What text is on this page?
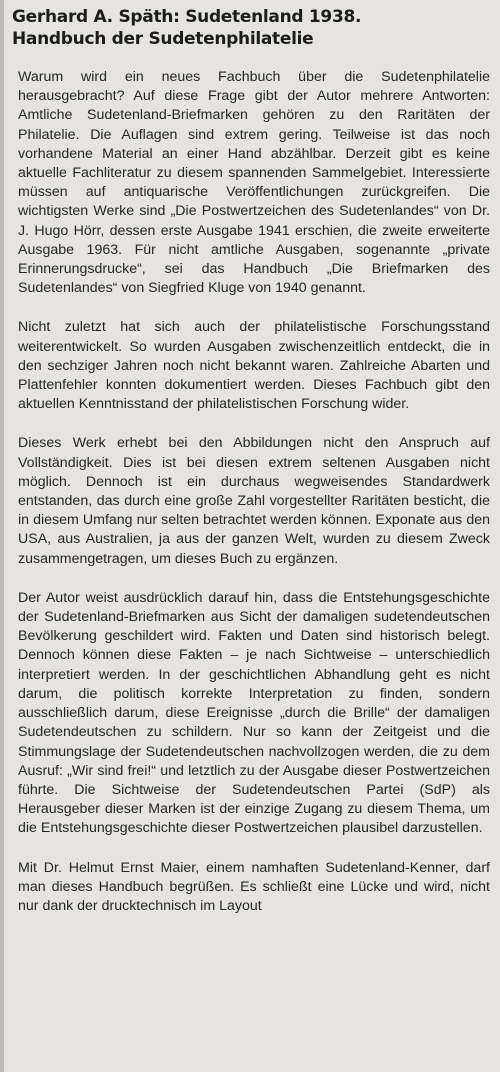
Gerhard A. Späth: Sudetenland 1938.
Handbuch der Sudetenphilatelie

Warum wird ein neues Fachbuch über die Sudetenphilatelie herausgebracht? Auf diese Frage gibt der Autor mehrere Antworten: Amtliche Sudetenland-Briefmarken gehören zu den Raritäten der Philatelie. Die Auflagen sind extrem gering. Teilweise ist das noch vorhandene Material an einer Hand abzählbar. Derzeit gibt es keine aktuelle Fachliteratur zu diesem spannenden Sammelgebiet. Interessierte müssen auf antiquarische Veröffentlichungen zurückgreifen. Die wichtigsten Werke sind „Die Postwertzeichen des Sudetenlandes“ von Dr. J. Hugo Hörr, dessen erste Ausgabe 1941 erschien, die zweite erweiterte Ausgabe 1963. Für nicht amtliche Ausgaben, sogenannte „private Erinnerungsdrucke“, sei das Handbuch „Die Briefmarken des Sudetenlandes“ von Siegfried Kluge von 1940 genannt.

Nicht zuletzt hat sich auch der philatelistische Forschungsstand weiterentwickelt. So wurden Ausgaben zwischenzeitlich entdeckt, die in den sechziger Jahren noch nicht bekannt waren. Zahlreiche Abarten und Plattenfehler konnten dokumentiert werden. Dieses Fachbuch gibt den aktuellen Kenntnisstand der philatelistischen Forschung wider.

Dieses Werk erhebt bei den Abbildungen nicht den Anspruch auf Vollständigkeit. Dies ist bei diesen extrem seltenen Ausgaben nicht möglich. Dennoch ist ein durchaus wegweisendes Standardwerk entstanden, das durch eine große Zahl vorgestellter Raritäten besticht, die in diesem Umfang nur selten betrachtet werden können. Exponate aus den USA, aus Australien, ja aus der ganzen Welt, wurden zu diesem Zweck zusammengetragen, um dieses Buch zu ergänzen.

Der Autor weist ausdrücklich darauf hin, dass die Entstehungsgeschichte der Sudetenland-Briefmarken aus Sicht der damaligen sudetendeutschen Bevölkerung geschildert wird. Fakten und Daten sind historisch belegt. Dennoch können diese Fakten – je nach Sichtweise – unterschiedlich interpretiert werden. In der geschichtlichen Abhandlung geht es nicht darum, die politisch korrekte Interpretation zu finden, sondern ausschließlich darum, diese Ereignisse „durch die Brille“ der damaligen Sudetendeutschen zu schildern. Nur so kann der Zeitgeist und die Stimmungslage der Sudetendeutschen nachvollzogen werden, die zu dem Ausruf: „Wir sind frei!“ und letztlich zu der Ausgabe dieser Postwertzeichen führte. Die Sichtweise der Sudetendeutschen Partei (SdP) als Herausgeber dieser Marken ist der einzige Zugang zu diesem Thema, um die Entstehungsgeschichte dieser Postwertzeichen plausibel darzustellen.

Mit Dr. Helmut Ernst Maier, einem namhaften Sudetenland-Kenner, darf man dieses Handbuch begrüßen. Es schließt eine Lücke und wird, nicht nur dank der drucktechnisch im Layout
